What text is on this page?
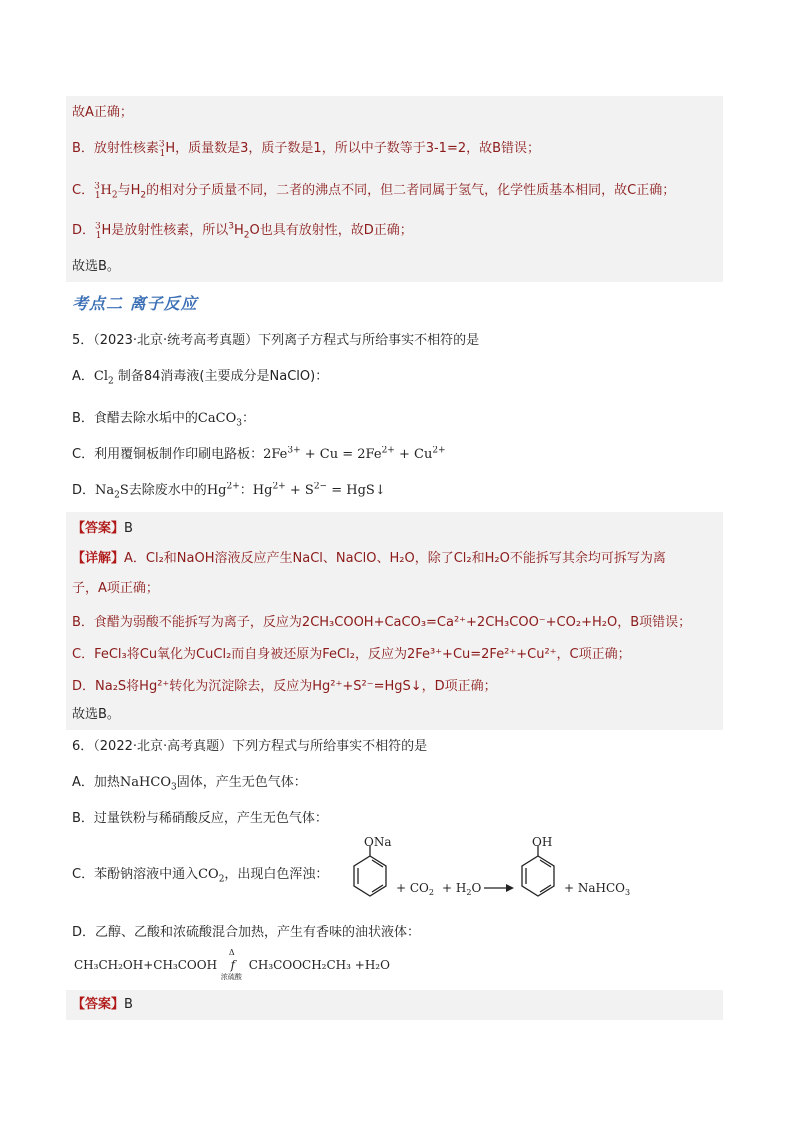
故A正确；
B．放射性核素$^3_1$H，质量数是3，质子数是1，所以中子数等于3-1=2，故B错误；
C．$^3_1H_2$与$H_2$的相对分子质量不同，二者的沸点不同，但二者同属于氢气，化学性质基本相同，故C正确；
D．$^3_1$H是放射性核素，所以$^3H_2O$也具有放射性，故D正确；
故选B。
考点二 离子反应
5．（2023·北京·统考高考真题）下列离子方程式与所给事实不相符的是
A．$Cl_2$ 制备84消毒液(主要成分是NaClO)：
B．食醋去除水垢中的CaCO$_3$：
C．利用覆铜板制作印刷电路板：$2Fe^{3+} + Cu = 2Fe^{2+} + Cu^{2+}$
D．$Na_2S$去除废水中的$Hg^{2+}$：$Hg^{2+} + S^{2-}$ = HgS↓
【答案】B
【详解】A．Cl₂和NaOH溶液反应产生NaCl、NaClO、H₂O，除了Cl₂和H₂O不能拆写其余均可拆写为离
子，A项正确；
B．食醋为弱酸不能拆写为离子，反应为2CH₃COOH+CaCO₃=Ca²⁺+2CH₃COO⁻+CO₂+H₂O，B项错误；
C．FeCl₃将Cu氧化为CuCl₂而自身被还原为FeCl₂，反应为2Fe³⁺+Cu=2Fe²⁺+Cu²⁺，C项正确；
D．Na₂S将Hg²⁺转化为沉淀除去，反应为Hg²⁺+S²⁻=HgS↓，D项正确；
故选B。
6．（2022·北京·高考真题）下列方程式与所给事实不相符的是
A．加热NaHCO$_3$固体，产生无色气体：
B．过量铁粉与稀硝酸反应，产生无色气体：
C．苯酚钠溶液中通入$CO_2$，出现白色浑浊：
ONa
+ $CO_2 + H_2O$
OH
+ NaHCO$_3$
D．乙醇、乙酸和浓硫酸混合加热，产生有香味的油状液体：
CH₃CH₂OH+CH₃COOH
Δ
f
浓硫酸
CH₃COOCH₂CH₃ +H₂O
【答案】B
